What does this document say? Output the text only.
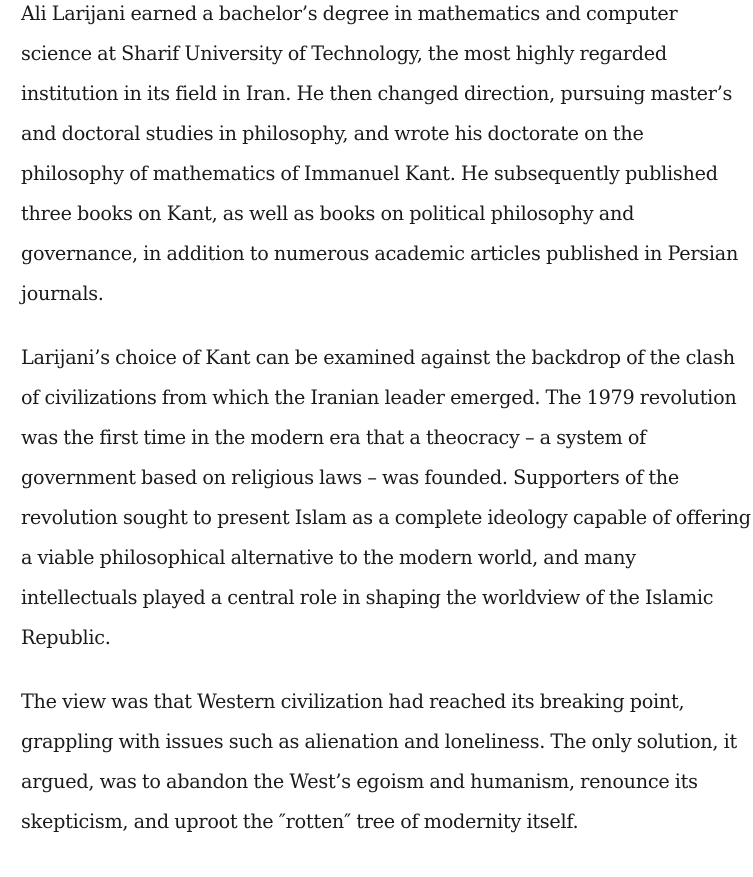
Ali Larijani earned a bachelor’s degree in mathematics and computer science at Sharif University of Technology, the most highly regarded institution in its field in Iran. He then changed direction, pursuing master’s and doctoral studies in philosophy, and wrote his doctorate on the philosophy of mathematics of Immanuel Kant. He subsequently published three books on Kant, as well as books on political philosophy and governance, in addition to numerous academic articles published in Persian journals.

Larijani’s choice of Kant can be examined against the backdrop of the clash of civilizations from which the Iranian leader emerged. The 1979 revolution was the first time in the modern era that a theocracy – a system of government based on religious laws – was founded. Supporters of the revolution sought to present Islam as a complete ideology capable of offering a viable philosophical alternative to the modern world, and many intellectuals played a central role in shaping the worldview of the Islamic Republic.

The view was that Western civilization had reached its breaking point, grappling with issues such as alienation and loneliness. The only solution, it argued, was to abandon the West’s egoism and humanism, renounce its skepticism, and uproot the ″rotten″ tree of modernity itself.
